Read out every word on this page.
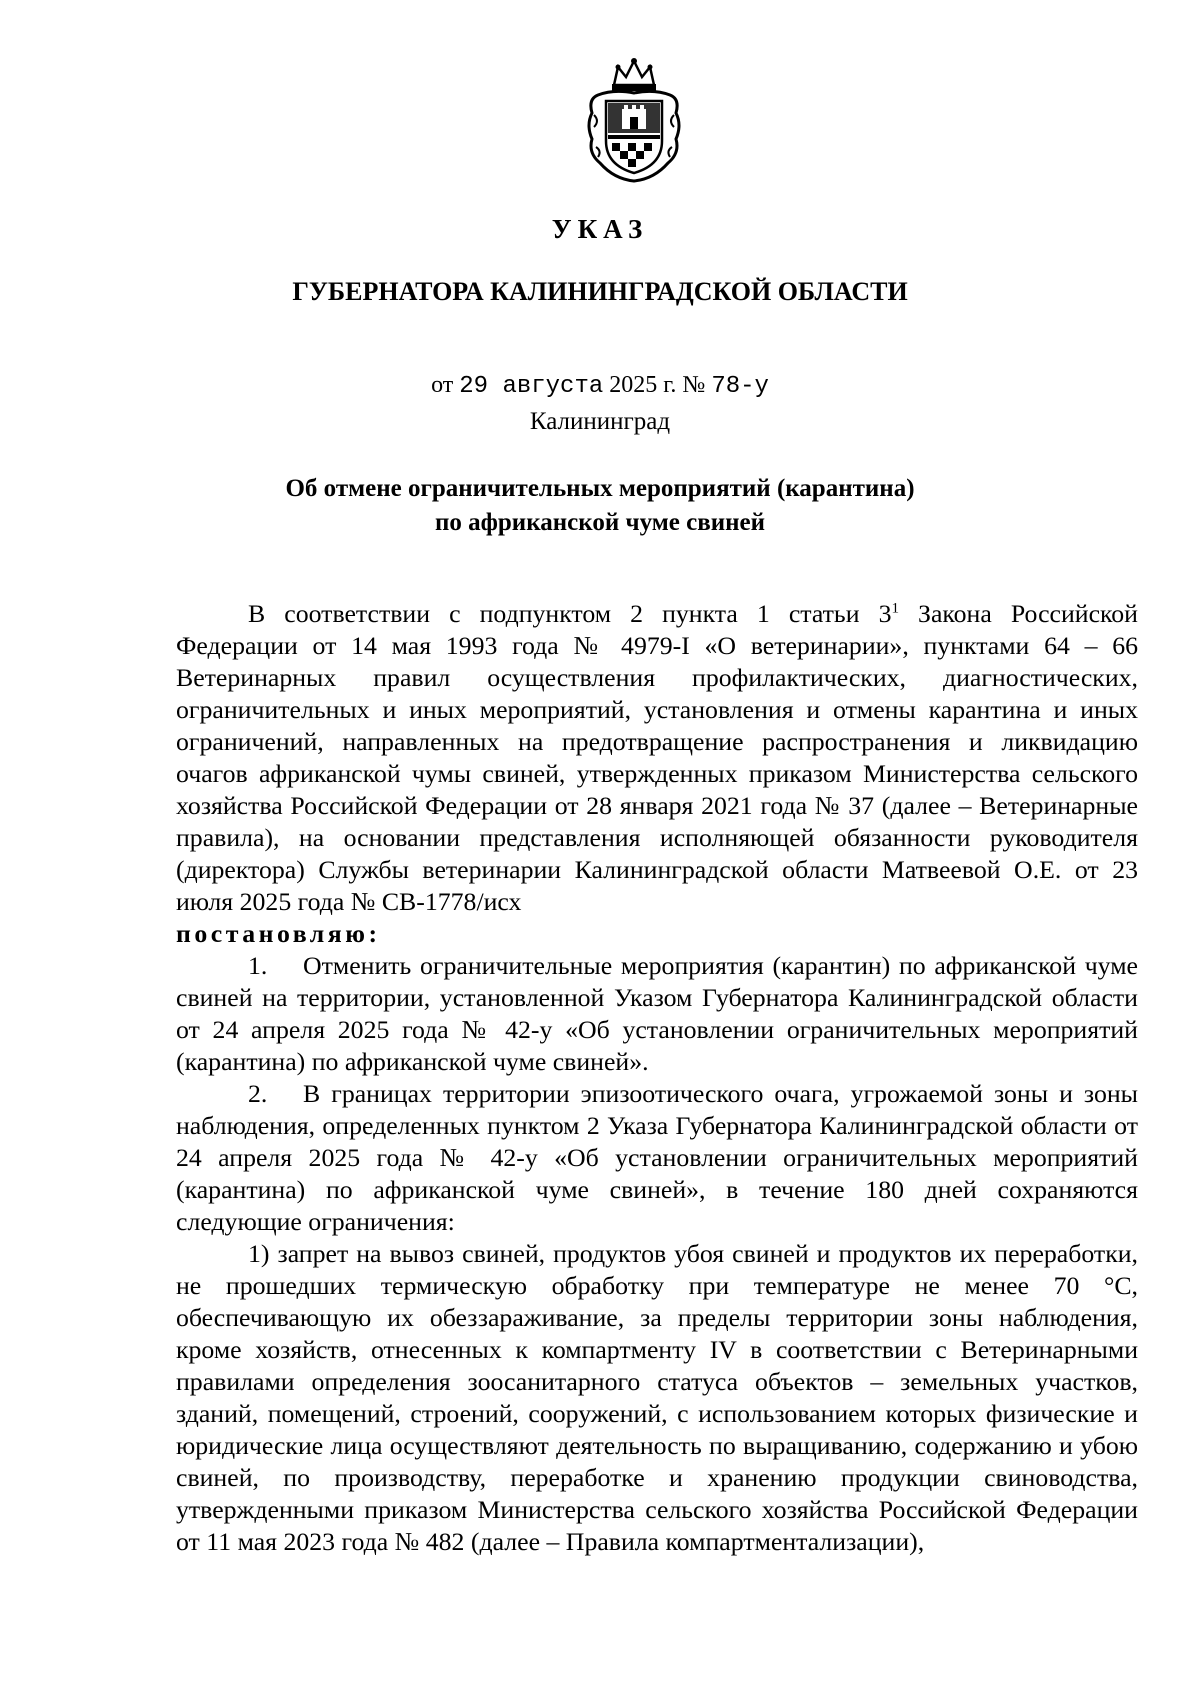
УКАЗ
ГУБЕРНАТОРА КАЛИНИНГРАДСКОЙ ОБЛАСТИ
от 29 августа 2025 г. № 78-у
Калининград
Об отмене ограничительных мероприятий (карантина)
по африканской чуме свиней

В соответствии с подпунктом 2 пункта 1 статьи $3^1$ Закона Российской Федерации от 14 мая 1993 года № 4979-I «О ветеринарии», пунктами 64 – 66 Ветеринарных правил осуществления профилактических, диагностических, ограничительных и иных мероприятий, установления и отмены карантина и иных ограничений, направленных на предотвращение распространения и ликвидацию очагов африканской чумы свиней, утвержденных приказом Министерства сельского хозяйства Российской Федерации от 28 января 2021 года № 37 (далее – Ветеринарные правила), на основании представления исполняющей обязанности руководителя (директора) Службы ветеринарии Калининградской области Матвеевой О.Е. от 23 июля 2025 года № СВ-1778/исх

постановляю:

1. Отменить ограничительные мероприятия (карантин) по африканской чуме свиней на территории, установленной Указом Губернатора Калининградской области от 24 апреля 2025 года № 42-у «Об установлении ограничительных мероприятий (карантина) по африканской чуме свиней».

2. В границах территории эпизоотического очага, угрожаемой зоны и зоны наблюдения, определенных пунктом 2 Указа Губернатора Калининградской области от 24 апреля 2025 года № 42-у «Об установлении ограничительных мероприятий (карантина) по африканской чуме свиней», в течение 180 дней сохраняются следующие ограничения:

1) запрет на вывоз свиней, продуктов убоя свиней и продуктов их переработки, не прошедших термическую обработку при температуре не менее 70 °C, обеспечивающую их обеззараживание, за пределы территории зоны наблюдения, кроме хозяйств, отнесенных к компартменту IV в соответствии с Ветеринарными правилами определения зоосанитарного статуса объектов – земельных участков, зданий, помещений, строений, сооружений, с использованием которых физические и юридические лица осуществляют деятельность по выращиванию, содержанию и убою свиней, по производству, переработке и хранению продукции свиноводства, утвержденными приказом Министерства сельского хозяйства Российской Федерации от 11 мая 2023 года № 482 (далее – Правила компартментализации),
